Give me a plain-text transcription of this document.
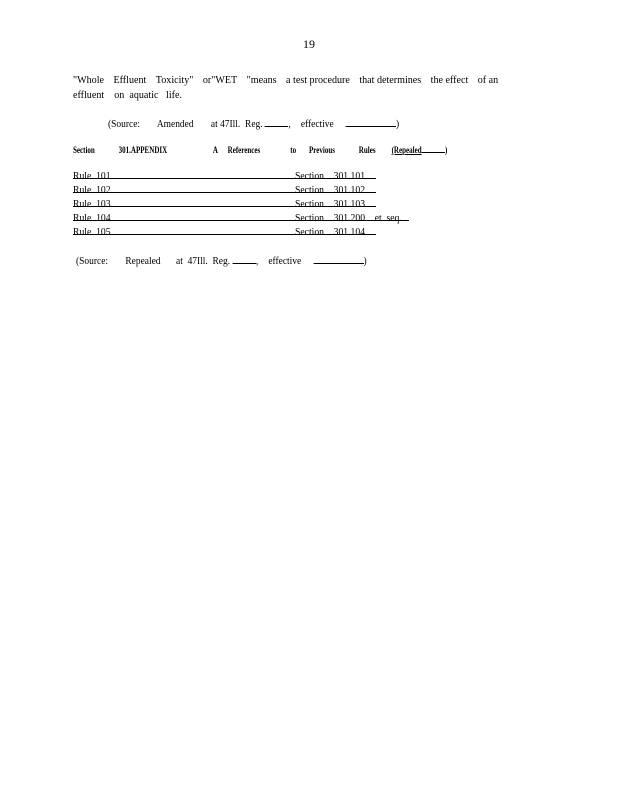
19
"Whole Effluent Toxicity" or"WET "means a test procedure that determines the effect of an
effluent    on  aquatic   life.
(Source: Amended at 47Ill.  Reg. ,  effective	)
Section	301.APPENDIX	A References	to Previous	Rules (Repealed	)
Rule  101	Section    301.101
Rule  102	Section    301.102
Rule  103	Section    301.103
Rule  104	Section    301.200    et  seq.
Rule  105	Section    301.104
(Source: Repealed at  47Ill.  Reg. ,  effective	)
